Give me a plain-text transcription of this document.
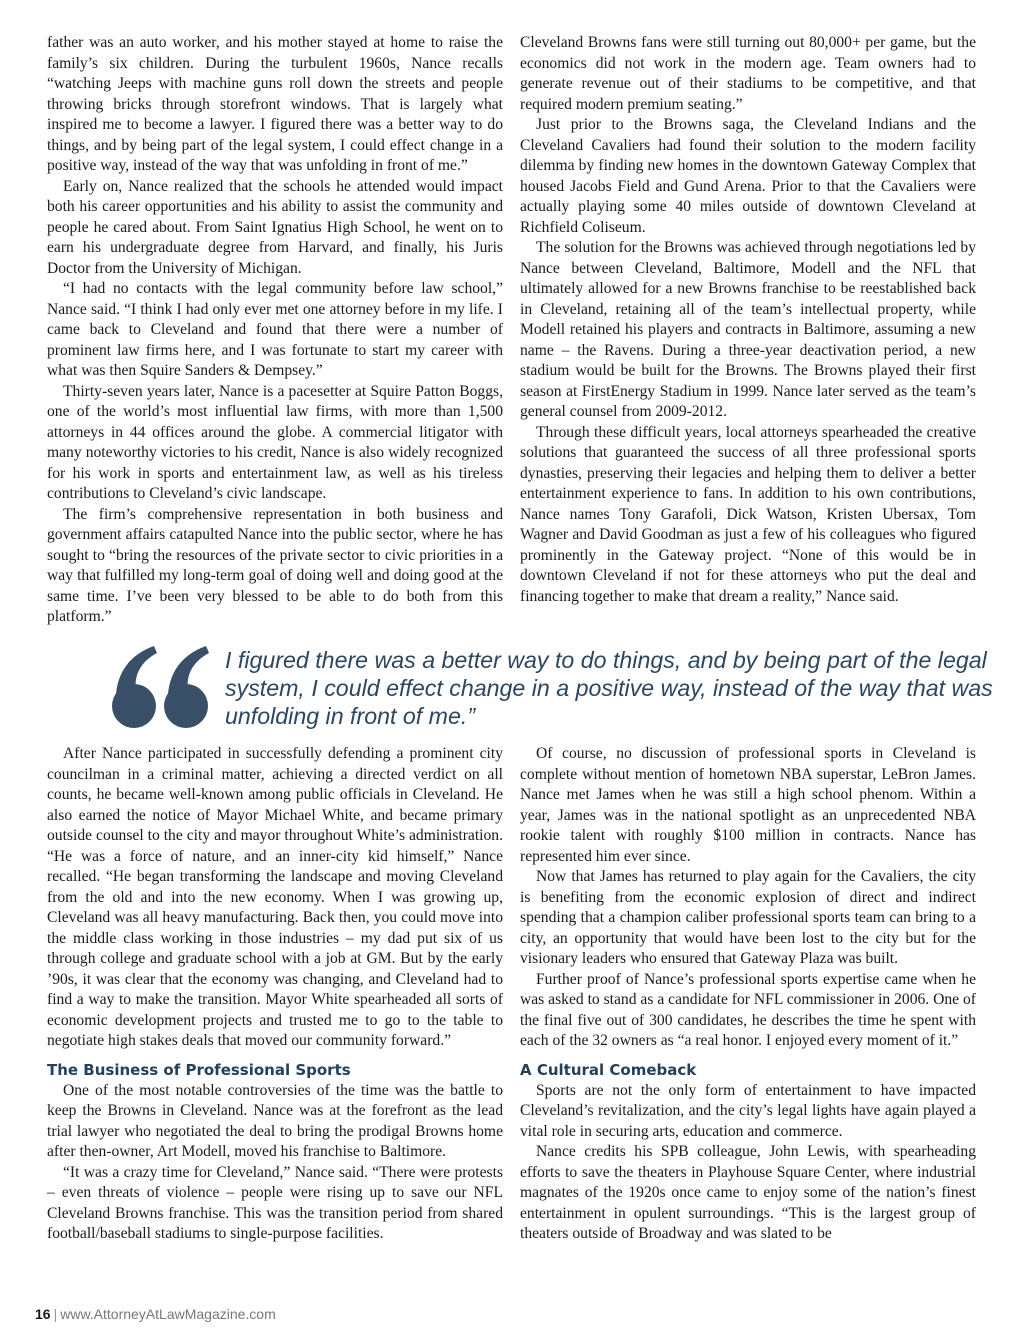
father was an auto worker, and his mother stayed at home to raise the family’s six children. During the turbulent 1960s, Nance recalls “watching Jeeps with machine guns roll down the streets and people throwing bricks through storefront windows. That is largely what inspired me to become a lawyer. I figured there was a better way to do things, and by being part of the legal system, I could effect change in a positive way, instead of the way that was unfolding in front of me.”

Early on, Nance realized that the schools he attended would impact both his career opportunities and his ability to assist the community and people he cared about. From Saint Ignatius High School, he went on to earn his undergraduate degree from Harvard, and finally, his Juris Doctor from the University of Michigan.

“I had no contacts with the legal community before law school,” Nance said. “I think I had only ever met one attorney before in my life. I came back to Cleveland and found that there were a number of prominent law firms here, and I was fortunate to start my career with what was then Squire Sanders & Dempsey.”

Thirty-seven years later, Nance is a pacesetter at Squire Patton Boggs, one of the world’s most influential law firms, with more than 1,500 attorneys in 44 offices around the globe. A commercial litigator with many noteworthy victories to his credit, Nance is also widely recognized for his work in sports and entertainment law, as well as his tireless contributions to Cleveland’s civic landscape.

The firm’s comprehensive representation in both business and government affairs catapulted Nance into the public sector, where he has sought to “bring the resources of the private sector to civic priorities in a way that fulfilled my long-term goal of doing well and doing good at the same time. I’ve been very blessed to be able to do both from this platform.”

Cleveland Browns fans were still turning out 80,000+ per game, but the economics did not work in the modern age. Team owners had to generate revenue out of their stadiums to be competitive, and that required modern premium seating.”

Just prior to the Browns saga, the Cleveland Indians and the Cleveland Cavaliers had found their solution to the modern facility dilemma by finding new homes in the downtown Gateway Complex that housed Jacobs Field and Gund Arena. Prior to that the Cavaliers were actually playing some 40 miles outside of downtown Cleveland at Richfield Coliseum.

The solution for the Browns was achieved through negotiations led by Nance between Cleveland, Baltimore, Modell and the NFL that ultimately allowed for a new Browns franchise to be reestablished back in Cleveland, retaining all of the team’s intellectual property, while Modell retained his players and contracts in Baltimore, assuming a new name – the Ravens. During a three-year deactivation period, a new stadium would be built for the Browns. The Browns played their first season at FirstEnergy Stadium in 1999. Nance later served as the team’s general counsel from 2009-2012.

Through these difficult years, local attorneys spearheaded the creative solutions that guaranteed the success of all three professional sports dynasties, preserving their legacies and helping them to deliver a better entertainment experience to fans. In addition to his own contributions, Nance names Tony Garafoli, Dick Watson, Kristen Ubersax, Tom Wagner and David Goodman as just a few of his colleagues who figured prominently in the Gateway project. “None of this would be in downtown Cleveland if not for these attorneys who put the deal and financing together to make that dream a reality,” Nance said.

I figured there was a better way to do things, and by being part of the legal system, I could effect change in a positive way, instead of the way that was unfolding in front of me.”

After Nance participated in successfully defending a prominent city councilman in a criminal matter, achieving a directed verdict on all counts, he became well-known among public officials in Cleveland. He also earned the notice of Mayor Michael White, and became primary outside counsel to the city and mayor throughout White’s administration. “He was a force of nature, and an inner-city kid himself,” Nance recalled. “He began transforming the landscape and moving Cleveland from the old and into the new economy. When I was growing up, Cleveland was all heavy manufacturing. Back then, you could move into the middle class working in those industries – my dad put six of us through college and graduate school with a job at GM. But by the early ’90s, it was clear that the economy was changing, and Cleveland had to find a way to make the transition. Mayor White spearheaded all sorts of economic development projects and trusted me to go to the table to negotiate high stakes deals that moved our community forward.”

The Business of Professional Sports

One of the most notable controversies of the time was the battle to keep the Browns in Cleveland. Nance was at the forefront as the lead trial lawyer who negotiated the deal to bring the prodigal Browns home after then-owner, Art Modell, moved his franchise to Baltimore.

“It was a crazy time for Cleveland,” Nance said. “There were protests – even threats of violence – people were rising up to save our NFL Cleveland Browns franchise. This was the transition period from shared football/baseball stadiums to single-purpose facilities.

Of course, no discussion of professional sports in Cleveland is complete without mention of hometown NBA superstar, LeBron James. Nance met James when he was still a high school phenom. Within a year, James was in the national spotlight as an unprecedented NBA rookie talent with roughly $100 million in contracts. Nance has represented him ever since.

Now that James has returned to play again for the Cavaliers, the city is benefiting from the economic explosion of direct and indirect spending that a champion caliber professional sports team can bring to a city, an opportunity that would have been lost to the city but for the visionary leaders who ensured that Gateway Plaza was built.

Further proof of Nance’s professional sports expertise came when he was asked to stand as a candidate for NFL commissioner in 2006. One of the final five out of 300 candidates, he describes the time he spent with each of the 32 owners as “a real honor. I enjoyed every moment of it.”

A Cultural Comeback

Sports are not the only form of entertainment to have impacted Cleveland’s revitalization, and the city’s legal lights have again played a vital role in securing arts, education and commerce.

Nance credits his SPB colleague, John Lewis, with spearheading efforts to save the theaters in Playhouse Square Center, where industrial magnates of the 1920s once came to enjoy some of the nation’s finest entertainment in opulent surroundings. “This is the largest group of theaters outside of Broadway and was slated to be

16 | www.AttorneyAtLawMagazine.com
